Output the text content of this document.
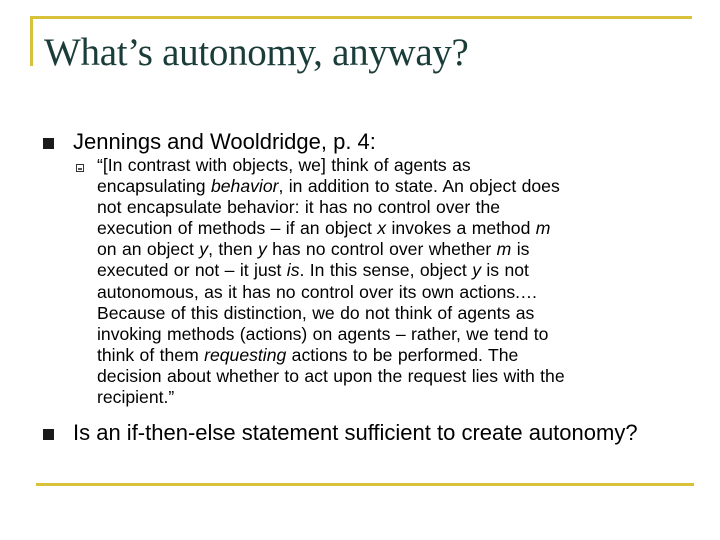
What’s autonomy, anyway?
Jennings and Wooldridge, p. 4:
“[In contrast with objects, we] think of agents as
encapsulating behavior, in addition to state. An object does
not encapsulate behavior: it has no control over the
execution of methods – if an object x invokes a method m
on an object y, then y has no control over whether m is
executed or not – it just is. In this sense, object y is not
autonomous, as it has no control over its own actions.…
Because of this distinction, we do not think of agents as
invoking methods (actions) on agents – rather, we tend to
think of them requesting actions to be performed. The
decision about whether to act upon the request lies with the
recipient.”
Is an if-then-else statement sufficient to create autonomy?
